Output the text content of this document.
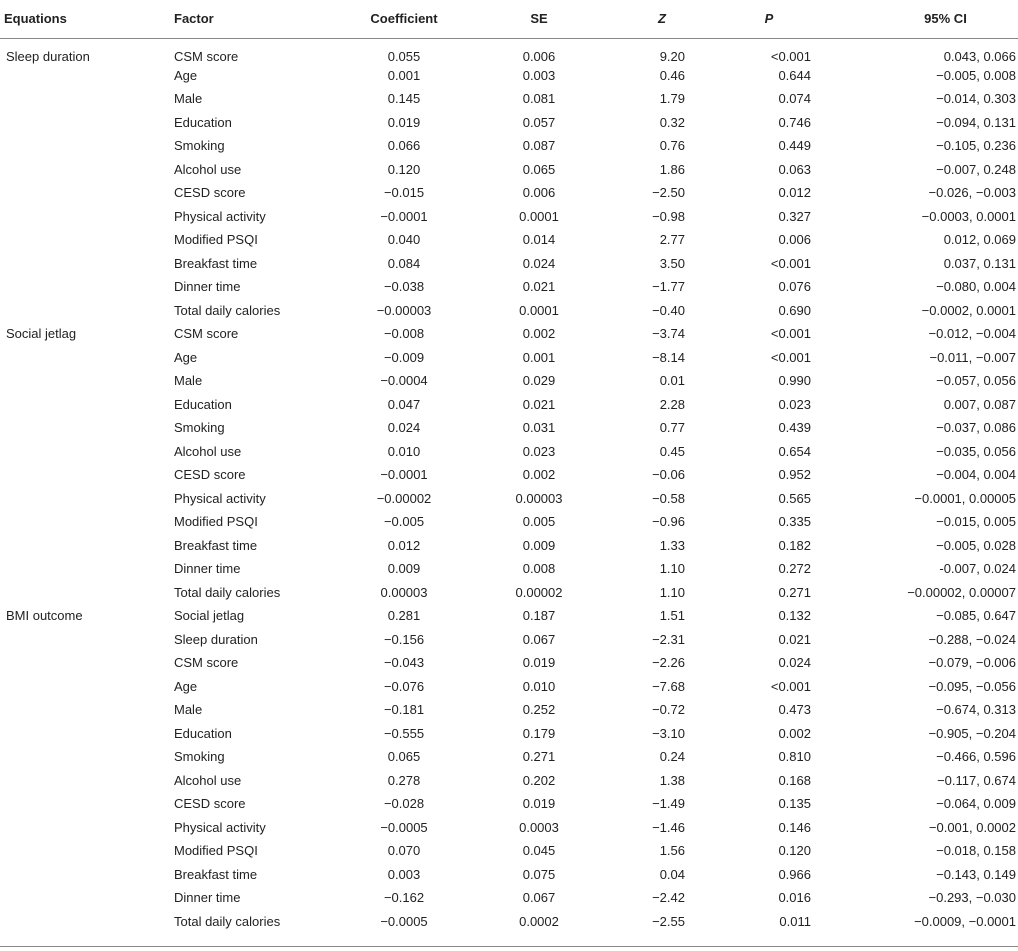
Equations	Factor	Coefficient	SE	Z	P	95% CI
Sleep duration	CSM score	0.055	0.006	9.20	<0.001	0.043, 0.066
	Age	0.001	0.003	0.46	0.644	−0.005, 0.008
	Male	0.145	0.081	1.79	0.074	−0.014, 0.303
	Education	0.019	0.057	0.32	0.746	−0.094, 0.131
	Smoking	0.066	0.087	0.76	0.449	−0.105, 0.236
	Alcohol use	0.120	0.065	1.86	0.063	−0.007, 0.248
	CESD score	−0.015	0.006	−2.50	0.012	−0.026, −0.003
	Physical activity	−0.0001	0.0001	−0.98	0.327	−0.0003, 0.0001
	Modified PSQI	0.040	0.014	2.77	0.006	0.012, 0.069
	Breakfast time	0.084	0.024	3.50	<0.001	0.037, 0.131
	Dinner time	−0.038	0.021	−1.77	0.076	−0.080, 0.004
	Total daily calories	−0.00003	0.0001	−0.40	0.690	−0.0002, 0.0001
Social jetlag	CSM score	−0.008	0.002	−3.74	<0.001	−0.012, −0.004
	Age	−0.009	0.001	−8.14	<0.001	−0.011, −0.007
	Male	−0.0004	0.029	0.01	0.990	−0.057, 0.056
	Education	0.047	0.021	2.28	0.023	0.007, 0.087
	Smoking	0.024	0.031	0.77	0.439	−0.037, 0.086
	Alcohol use	0.010	0.023	0.45	0.654	−0.035, 0.056
	CESD score	−0.0001	0.002	−0.06	0.952	−0.004, 0.004
	Physical activity	−0.00002	0.00003	−0.58	0.565	−0.0001, 0.00005
	Modified PSQI	−0.005	0.005	−0.96	0.335	−0.015, 0.005
	Breakfast time	0.012	0.009	1.33	0.182	−0.005, 0.028
	Dinner time	0.009	0.008	1.10	0.272	-0.007, 0.024
	Total daily calories	0.00003	0.00002	1.10	0.271	−0.00002, 0.00007
BMI outcome	Social jetlag	0.281	0.187	1.51	0.132	−0.085, 0.647
	Sleep duration	−0.156	0.067	−2.31	0.021	−0.288, −0.024
	CSM score	−0.043	0.019	−2.26	0.024	−0.079, −0.006
	Age	−0.076	0.010	−7.68	<0.001	−0.095, −0.056
	Male	−0.181	0.252	−0.72	0.473	−0.674, 0.313
	Education	−0.555	0.179	−3.10	0.002	−0.905, −0.204
	Smoking	0.065	0.271	0.24	0.810	−0.466, 0.596
	Alcohol use	0.278	0.202	1.38	0.168	−0.117, 0.674
	CESD score	−0.028	0.019	−1.49	0.135	−0.064, 0.009
	Physical activity	−0.0005	0.0003	−1.46	0.146	−0.001, 0.0002
	Modified PSQI	0.070	0.045	1.56	0.120	−0.018, 0.158
	Breakfast time	0.003	0.075	0.04	0.966	−0.143, 0.149
	Dinner time	−0.162	0.067	−2.42	0.016	−0.293, −0.030
	Total daily calories	−0.0005	0.0002	−2.55	0.011	−0.0009, −0.0001
